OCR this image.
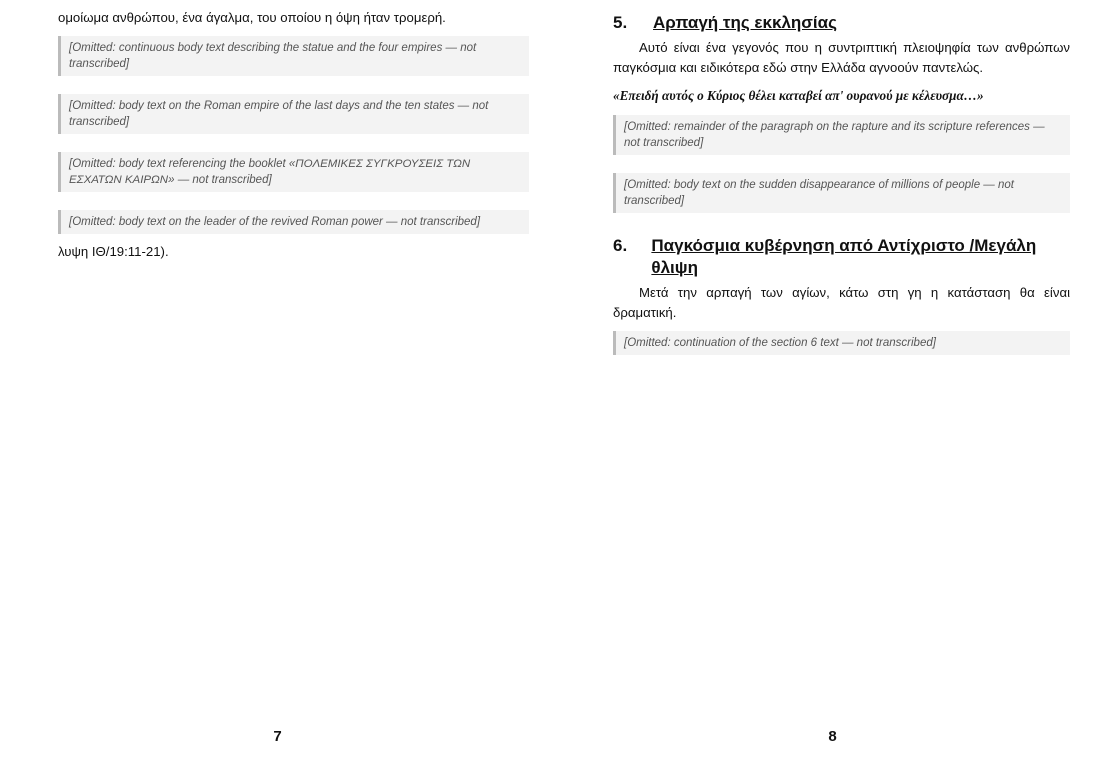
ομοίωμα ανθρώπου, ένα άγαλμα, του οποίου η όψη ήταν τρομερή.

[Omitted: continuous body text describing the statue and the four empires — not transcribed]
[Omitted: body text on the Roman empire of the last days and the ten states — not transcribed]
[Omitted: body text referencing the booklet «ΠΟΛΕΜΙΚΕΣ ΣΥΓΚΡΟΥΣΕΙΣ ΤΩΝ ΕΣΧΑΤΩΝ ΚΑΙΡΩΝ» — not transcribed]
[Omitted: body text on the leader of the revived Roman power — not transcribed]

λυψη ΙΘ/19:11-21).

7
5.	Αρπαγή της εκκλησίας

Αυτό είναι ένα γεγονός που η συντριπτική πλειοψηφία των ανθρώπων παγκόσμια και ειδικότερα εδώ στην Ελλάδα αγνοούν παντελώς.

«Επειδή αυτός ο Κύριος θέλει καταβεί απ' ουρανού με κέλευσμα…»

[Omitted: remainder of the paragraph on the rapture and its scripture references — not transcribed]
[Omitted: body text on the sudden disappearance of millions of people — not transcribed]
6.	Παγκόσμια κυβέρνηση από Αντίχριστο /Μεγάλη θλιψη

Μετά την αρπαγή των αγίων, κάτω στη γη η κατάσταση θα είναι δραματική.

[Omitted: continuation of the section 6 text — not transcribed]
8
